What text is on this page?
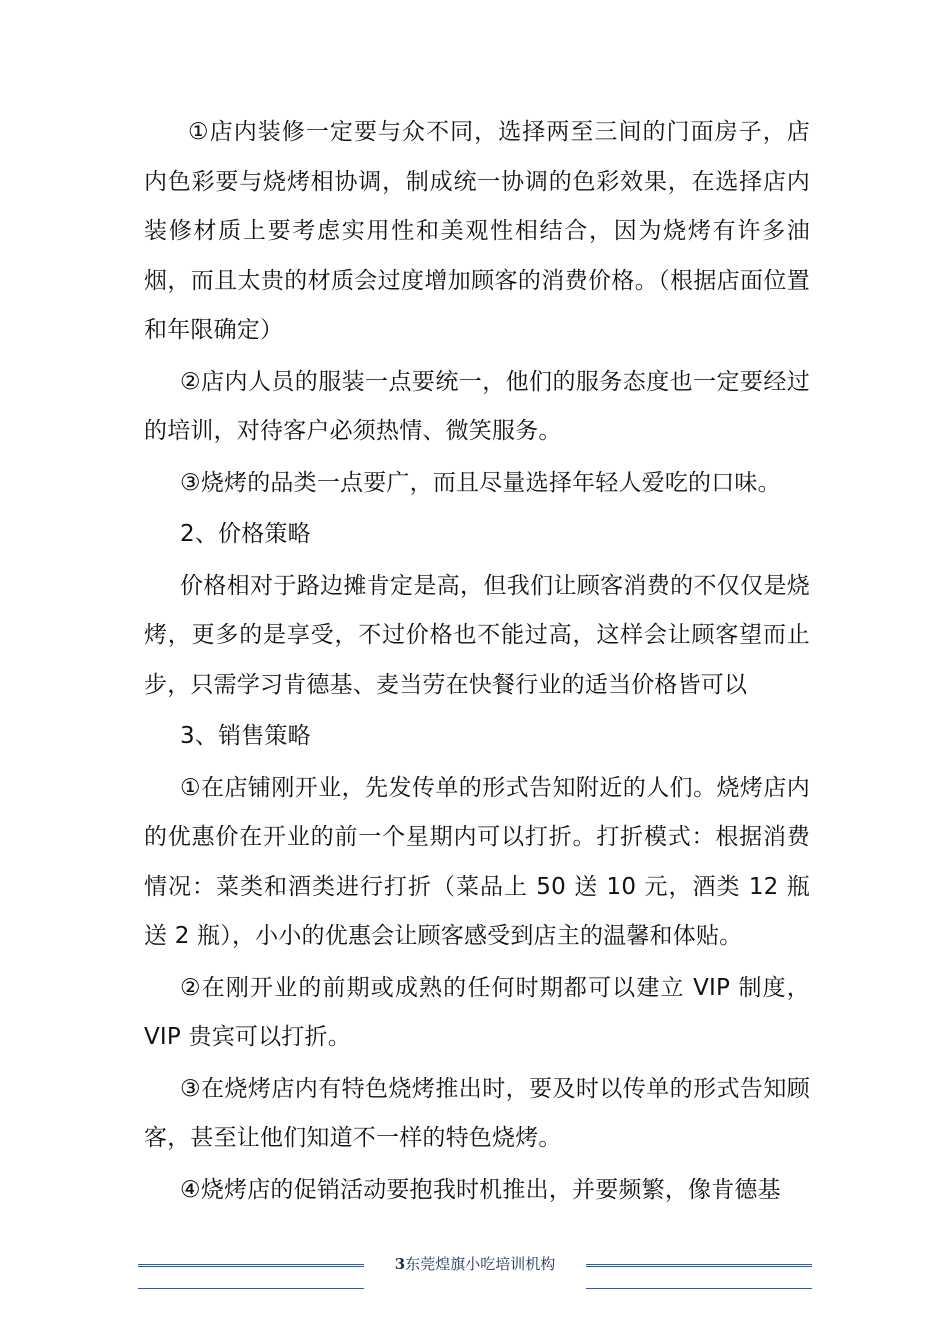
①店内装修一定要与众不同，选择两至三间的门面房子，店内色彩要与烧烤相协调，制成统一协调的色彩效果，在选择店内装修材质上要考虑实用性和美观性相结合，因为烧烤有许多油烟，而且太贵的材质会过度增加顾客的消费价格。（根据店面位置和年限确定）

②店内人员的服装一点要统一，他们的服务态度也一定要经过的培训，对待客户必须热情、微笑服务。

③烧烤的品类一点要广，而且尽量选择年轻人爱吃的口味。

2、价格策略

价格相对于路边摊肯定是高，但我们让顾客消费的不仅仅是烧烤，更多的是享受，不过价格也不能过高，这样会让顾客望而止步，只需学习肯德基、麦当劳在快餐行业的适当价格皆可以

3、销售策略

①在店铺刚开业，先发传单的形式告知附近的人们。烧烤店内的优惠价在开业的前一个星期内可以打折。打折模式：根据消费情况：菜类和酒类进行打折（菜品上 50 送 10 元，酒类 12 瓶送 2 瓶），小小的优惠会让顾客感受到店主的温馨和体贴。

②在刚开业的前期或成熟的任何时期都可以建立 VIP 制度，VIP 贵宾可以打折。

③在烧烤店内有特色烧烤推出时，要及时以传单的形式告知顾客，甚至让他们知道不一样的特色烧烤。

④烧烤店的促销活动要抱我时机推出，并要频繁，像肯德基

3东莞煌旗小吃培训机构
